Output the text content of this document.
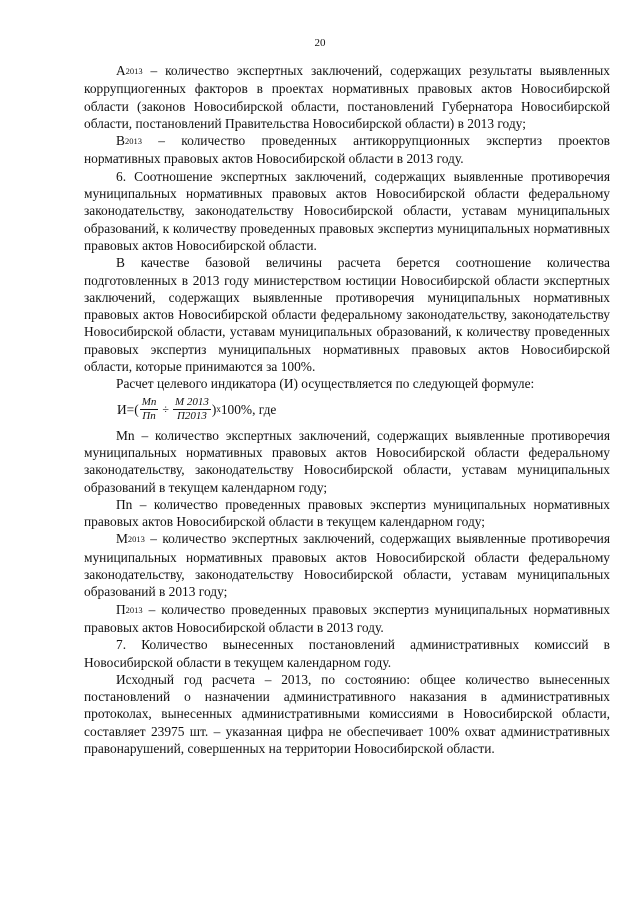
20

А2013 – количество экспертных заключений, содержащих результаты выявленных коррупциогенных факторов в проектах нормативных правовых актов Новосибирской области (законов Новосибирской области, постановлений Губернатора Новосибирской области, постановлений Правительства Новосибирской области) в 2013 году;

В2013 – количество проведенных антикоррупционных экспертиз проектов нормативных правовых актов Новосибирской области в 2013 году.

6. Соотношение экспертных заключений, содержащих выявленные противоречия муниципальных нормативных правовых актов Новосибирской области федеральному законодательству, законодательству Новосибирской области, уставам муниципальных образований, к количеству проведенных правовых экспертиз муниципальных нормативных правовых актов Новосибирской области.

В качестве базовой величины расчета берется соотношение количества подготовленных в 2013 году министерством юстиции Новосибирской области экспертных заключений, содержащих выявленные противоречия муниципальных нормативных правовых актов Новосибирской области федеральному законодательству, законодательству Новосибирской области, уставам муниципальных образований, к количеству проведенных правовых экспертиз муниципальных нормативных правовых актов Новосибирской области, которые принимаются за 100%.

Расчет целевого индикатора (И) осуществляется по следующей формуле:

$И=( \frac{Мn}{Пn} \div \frac{М 2013}{П2013}$ ) х 100%, где

Мn – количество экспертных заключений, содержащих выявленные противоречия муниципальных нормативных правовых актов Новосибирской области федеральному законодательству, законодательству Новосибирской области, уставам муниципальных образований в текущем календарном году;

Пn – количество проведенных правовых экспертиз муниципальных нормативных правовых актов Новосибирской области в текущем календарном году;

М2013 – количество экспертных заключений, содержащих выявленные противоречия муниципальных нормативных правовых актов Новосибирской области федеральному законодательству, законодательству Новосибирской области, уставам муниципальных образований в 2013 году;

П2013 – количество проведенных правовых экспертиз муниципальных нормативных правовых актов Новосибирской области в 2013 году.

7. Количество вынесенных постановлений административных комиссий в Новосибирской области в текущем календарном году.

Исходный год расчета – 2013, по состоянию: общее количество вынесенных постановлений о назначении административного наказания в административных протоколах, вынесенных административными комиссиями в Новосибирской области, составляет 23975 шт. – указанная цифра не обеспечивает 100% охват административных правонарушений, совершенных на территории Новосибирской области.
